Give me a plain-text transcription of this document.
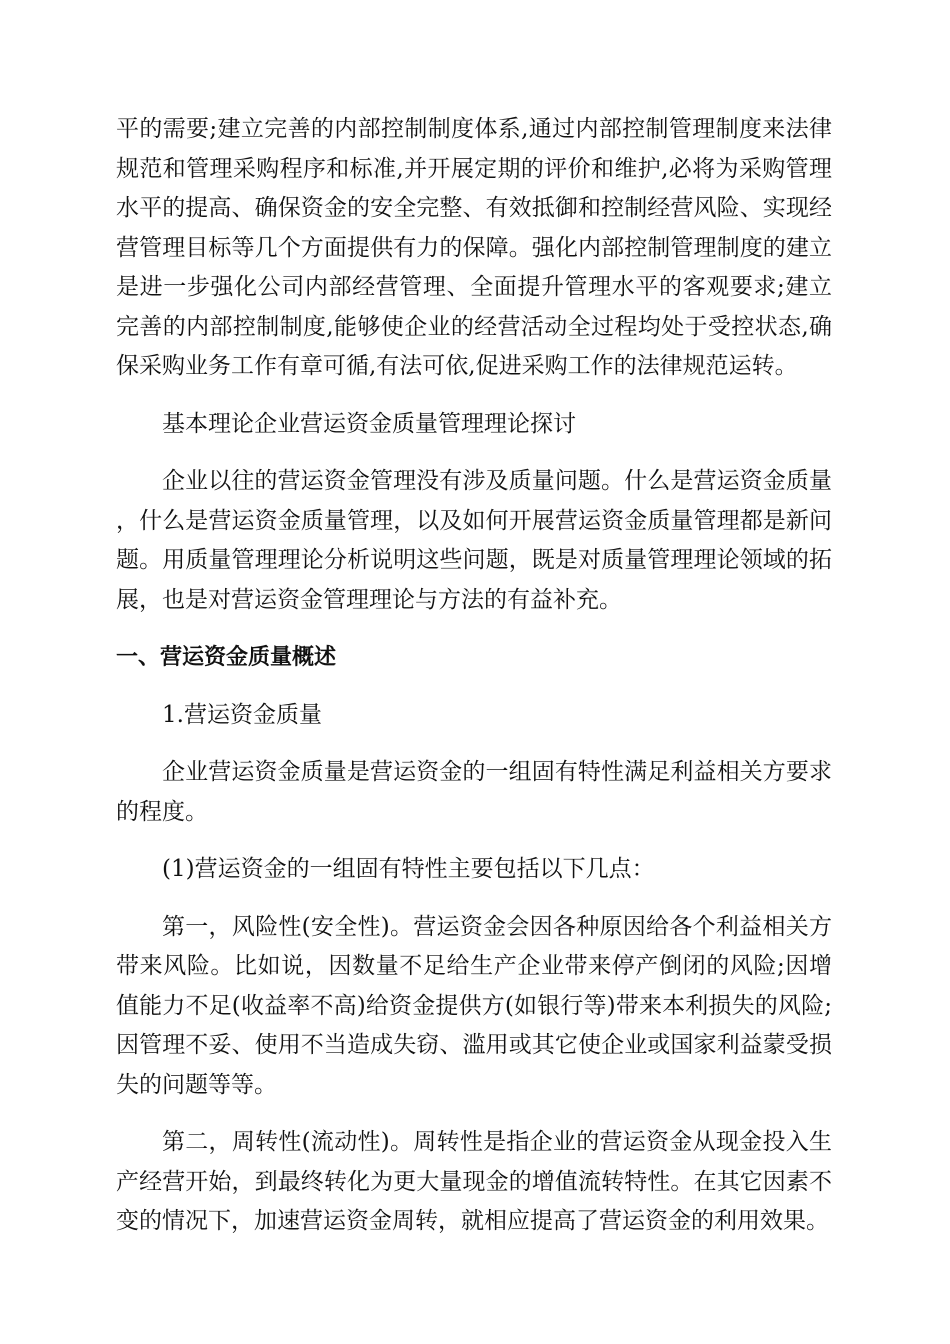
平的需要;建立完善的内部控制制度体系,通过内部控制管理制度来法律规范和管理采购程序和标准,并开展定期的评价和维护,必将为采购管理水平的提高、确保资金的安全完整、有效抵御和控制经营风险、实现经营管理目标等几个方面提供有力的保障。强化内部控制管理制度的建立是进一步强化公司内部经营管理、全面提升管理水平的客观要求;建立完善的内部控制制度,能够使企业的经营活动全过程均处于受控状态,确保采购业务工作有章可循,有法可依,促进采购工作的法律规范运转。

基本理论企业营运资金质量管理理论探讨

企业以往的营运资金管理没有涉及质量问题。什么是营运资金质量，什么是营运资金质量管理，以及如何开展营运资金质量管理都是新问题。用质量管理理论分析说明这些问题，既是对质量管理理论领域的拓展，也是对营运资金管理理论与方法的有益补充。

一、营运资金质量概述

1.营运资金质量

企业营运资金质量是营运资金的一组固有特性满足利益相关方要求的程度。

(1)营运资金的一组固有特性主要包括以下几点：

第一，风险性(安全性)。营运资金会因各种原因给各个利益相关方带来风险。比如说，因数量不足给生产企业带来停产倒闭的风险;因增值能力不足(收益率不高)给资金提供方(如银行等)带来本利损失的风险;因管理不妥、使用不当造成失窃、滥用或其它使企业或国家利益蒙受损失的问题等等。

第二，周转性(流动性)。周转性是指企业的营运资金从现金投入生产经营开始，到最终转化为更大量现金的增值流转特性。在其它因素不变的情况下，加速营运资金周转，就相应提高了营运资金的利用效果。
